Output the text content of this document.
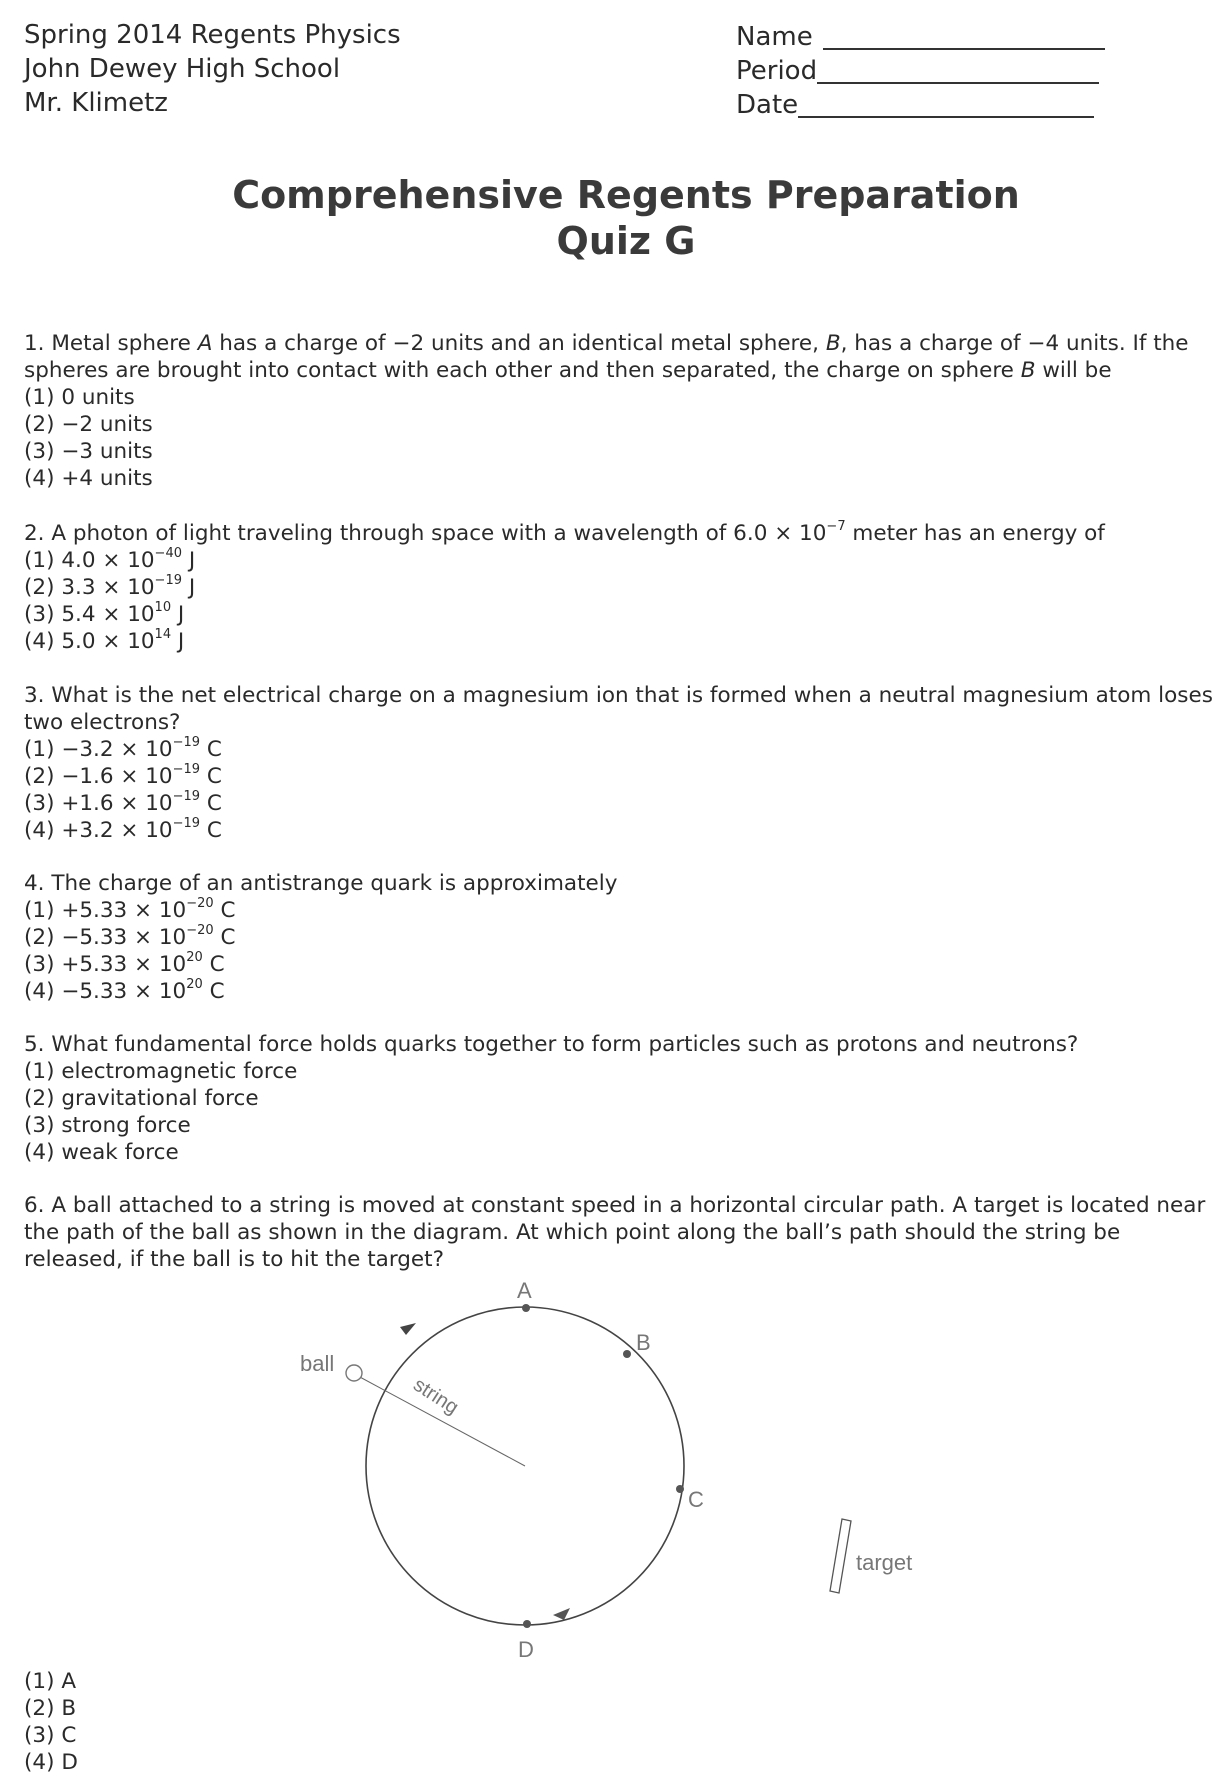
Spring 2014 Regents Physics
John Dewey High School
Mr. Klimetz
Name
Period
Date
Comprehensive Regents Preparation
Quiz G
1. Metal sphere A has a charge of −2 units and an identical metal sphere, B, has a charge of −4 units. If the spheres are brought into contact with each other and then separated, the charge on sphere B will be
(1) 0 units
(2) −2 units
(3) −3 units
(4) +4 units
2. A photon of light traveling through space with a wavelength of $6.0 \times 10^{-7}$ meter has an energy of
(1) $4.0 \times 10^{-40}$ J
(2) $3.3 \times 10^{-19}$ J
(3) $5.4 \times 10^{10}$ J
(4) $5.0 \times 10^{14}$ J
3. What is the net electrical charge on a magnesium ion that is formed when a neutral magnesium atom loses two electrons?
$(1) -3.2 \times 10^{-19}$ C
$(2) -1.6 \times 10^{-19}$ C
$(3) +1.6 \times 10^{-19}$ C
$(4) +3.2 \times 10^{-19}$ C
4. The charge of an antistrange quark is approximately
$(1) +5.33 \times 10^{-20}$ C
$(2) -5.33 \times 10^{-20}$ C
$(3) +5.33 \times 10^{20}$ C
$(4) -5.33 \times 10^{20}$ C
5. What fundamental force holds quarks together to form particles such as protons and neutrons?
(1) electromagnetic force
(2) gravitational force
(3) strong force
(4) weak force
6. A ball attached to a string is moved at constant speed in a horizontal circular path. A target is located near the path of the ball as shown in the diagram. At which point along the ball’s path should the string be released, if the ball is to hit the target?
A
B
C
D
ball
string
target
(1) A
(2) B
(3) C
(4) D
